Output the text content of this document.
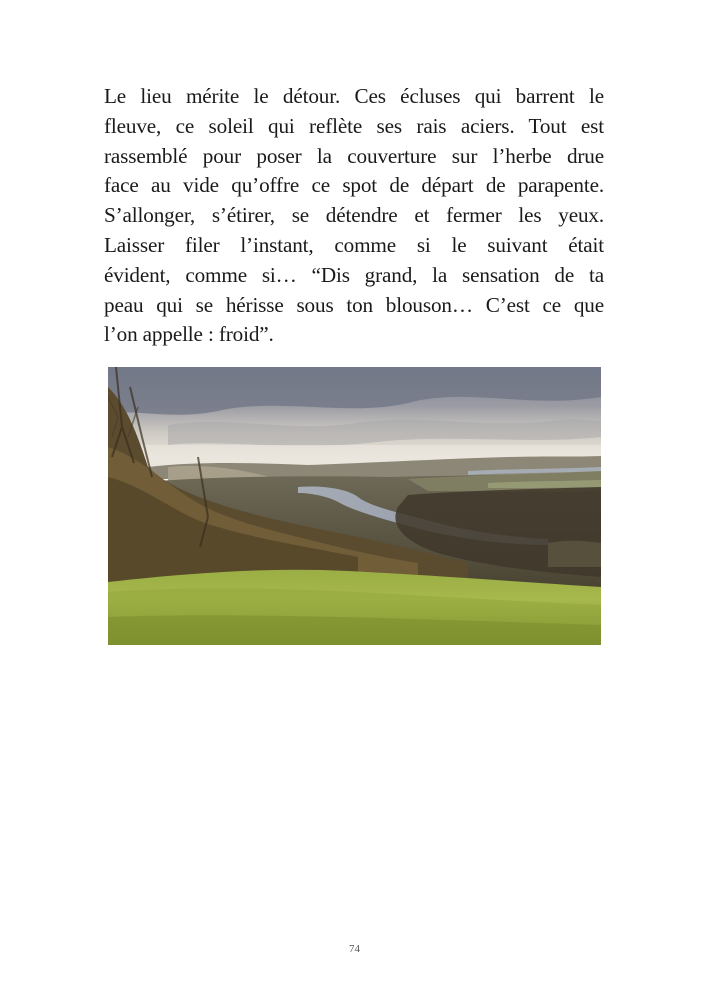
Le lieu mérite le détour. Ces écluses qui barrent le
fleuve, ce soleil qui reflète ses rais aciers. Tout est
rassemblé pour poser la couverture sur l’herbe drue
face au vide qu’offre ce spot de départ de parapente.
S’allonger, s’étirer, se détendre et fermer les yeux.
Laisser filer l’instant, comme si le suivant était
évident, comme si… “Dis grand, la sensation de ta
peau qui se hérisse sous ton blouson… C’est ce que
l’on appelle : froid”.
74
